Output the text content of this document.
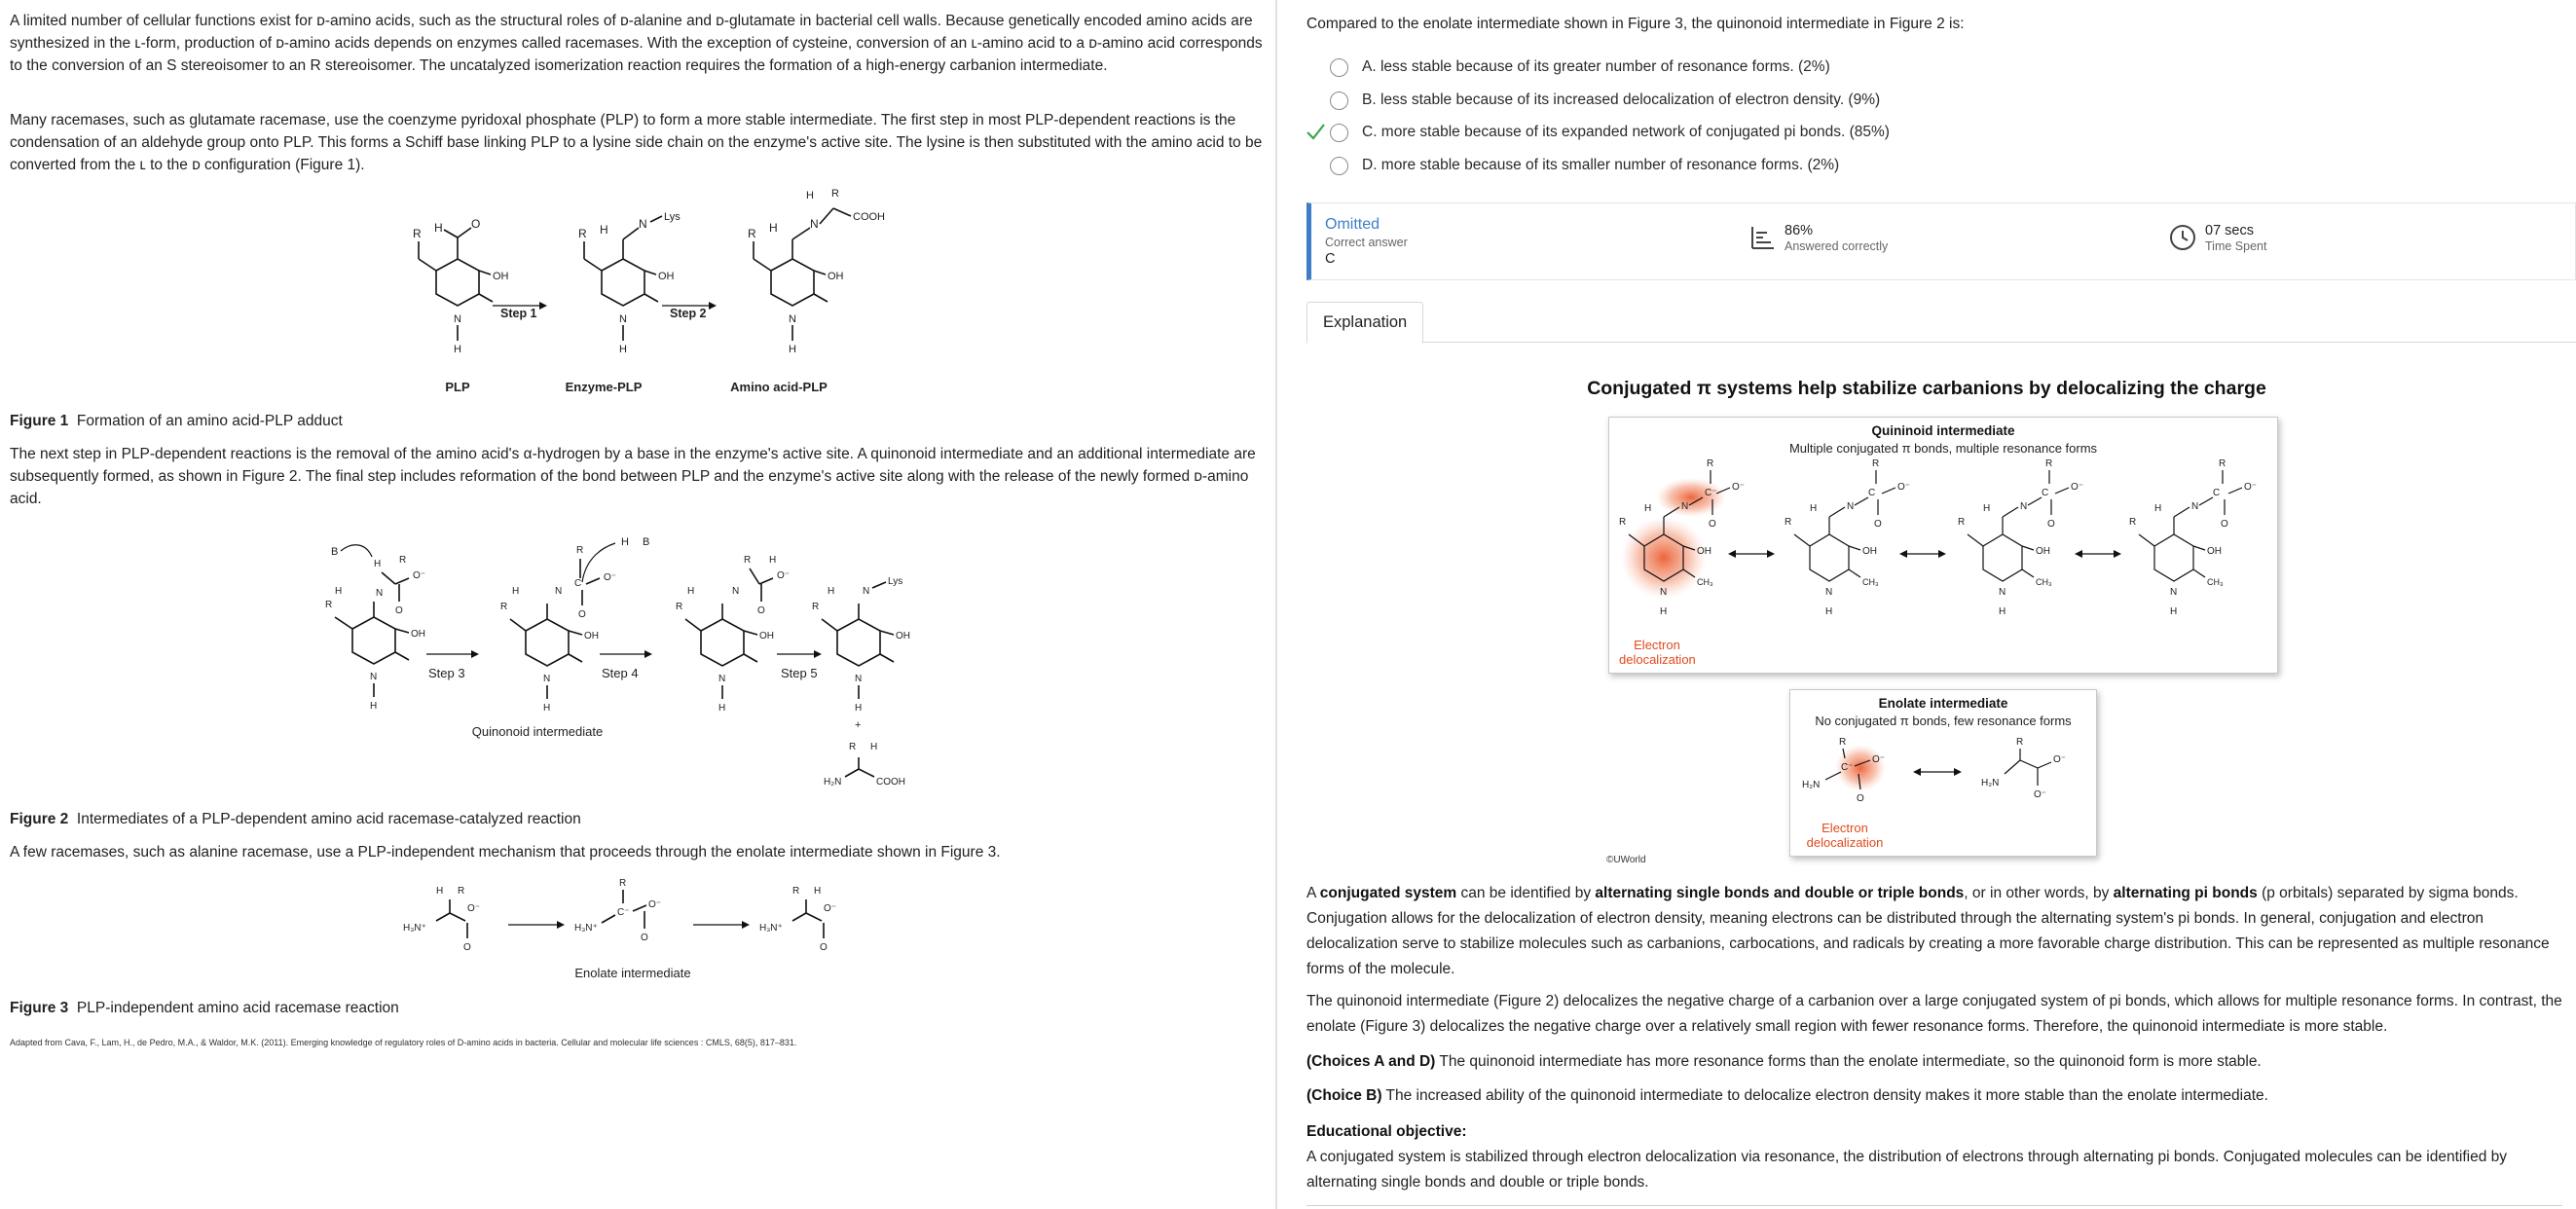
A limited number of cellular functions exist for ᴅ-amino acids, such as the structural roles of ᴅ-alanine and ᴅ-glutamate in bacterial cell walls. Because genetically encoded amino acids are synthesized in the ʟ-form, production of ᴅ-amino acids depends on enzymes called racemases. With the exception of cysteine, conversion of an ʟ-amino acid to a ᴅ-amino acid corresponds to the conversion of an S stereoisomer to an R stereoisomer. The uncatalyzed isomerization reaction requires the formation of a high-energy carbanion intermediate.
Many racemases, such as glutamate racemase, use the coenzyme pyridoxal phosphate (PLP) to form a more stable intermediate. The first step in most PLP-dependent reactions is the condensation of an aldehyde group onto PLP. This forms a Schiff base linking PLP to a lysine side chain on the enzyme's active site. The lysine is then substituted with the amino acid to be converted from the ʟ to the ᴅ configuration (Figure 1).
H O
R
OH
N
H
H	N Lys
R
OH
N
H
H	N	COOH
H R
R
OH
N
H
Step 1	Step 2
PLP	Enzyme-PLP	Amino acid-PLP
Figure 1 Formation of an amino acid-PLP adduct
The next step in PLP-dependent reactions is the removal of the amino acid's α-hydrogen by a base in the enzyme's active site. A quinonoid intermediate and an additional intermediate are subsequently formed, as shown in Figure 2. The final step includes reformation of the bond between PLP and the enzyme's active site along with the release of the newly formed ᴅ-amino acid.
B
H R
O⁻
O
N
H
R
OH
N
H
R
H B
C
O⁻
O
N
H
R
OH
N
H
R H
O⁻
O
N
H
R
OH
N
H
N
H
Lys
R
OH
N
H
+
R H
H₂N	COOH
Step 3	Step 4	Step 5
Quinonoid intermediate
Figure 2 Intermediates of a PLP-dependent amino acid racemase-catalyzed reaction
A few racemases, such as alanine racemase, use a PLP-independent mechanism that proceeds through the enolate intermediate shown in Figure 3.
H R
H₃N⁺
O⁻
O
R
C⁻
H₃N⁺
O⁻
O
R H
H₃N⁺
O⁻
O
Enolate intermediate
Figure 3 PLP-independent amino acid racemase reaction
Adapted from Cava, F., Lam, H., de Pedro, M.A., & Waldor, M.K. (2011). Emerging knowledge of regulatory roles of D-amino acids in bacteria. Cellular and molecular life sciences : CMLS, 68(5), 817–831.
Compared to the enolate intermediate shown in Figure 3, the quinonoid intermediate in Figure 2 is:
A. less stable because of its greater number of resonance forms. (2%)
B. less stable because of its increased delocalization of electron density. (9%)
C. more stable because of its expanded network of conjugated pi bonds. (85%)
D. more stable because of its smaller number of resonance forms. (2%)
Omitted
Correct answer
C
86%
Answered correctly
07 secs
Time Spent
Explanation
Conjugated π systems help stabilize carbanions by delocalizing the charge
Quininoid intermediate
Multiple conjugated π bonds, multiple resonance forms
H	N
C⁻
R
O⁻
O
R
OH
CH₃
N
H
H	N
C
R
O⁻
O
R
OH
CH₃
N
H
H	N
C
R
O⁻
O
R
OH
CH₃
N
H
H	N
C
R
O⁻
O
R
OH
CH₃
N
H
Electron delocalization
Enolate intermediate
No conjugated π bonds, few resonance forms
R
C⁻
H₂N
O⁻
O
R
O⁻
O⁻
H₂N
Electron delocalization
©UWorld
A conjugated system can be identified by alternating single bonds and double or triple bonds, or in other words, by alternating pi bonds (p orbitals) separated by sigma bonds. Conjugation allows for the delocalization of electron density, meaning electrons can be distributed through the alternating system's pi bonds. In general, conjugation and electron delocalization serve to stabilize molecules such as carbanions, carbocations, and radicals by creating a more favorable charge distribution. This can be represented as multiple resonance forms of the molecule.
The quinonoid intermediate (Figure 2) delocalizes the negative charge of a carbanion over a large conjugated system of pi bonds, which allows for multiple resonance forms. In contrast, the enolate (Figure 3) delocalizes the negative charge over a relatively small region with fewer resonance forms. Therefore, the quinonoid intermediate is more stable.
(Choices A and D) The quinonoid intermediate has more resonance forms than the enolate intermediate, so the quinonoid form is more stable.
(Choice B) The increased ability of the quinonoid intermediate to delocalize electron density makes it more stable than the enolate intermediate.
Educational objective:
A conjugated system is stabilized through electron delocalization via resonance, the distribution of electrons through alternating pi bonds. Conjugated molecules can be identified by alternating single bonds and double or triple bonds.
